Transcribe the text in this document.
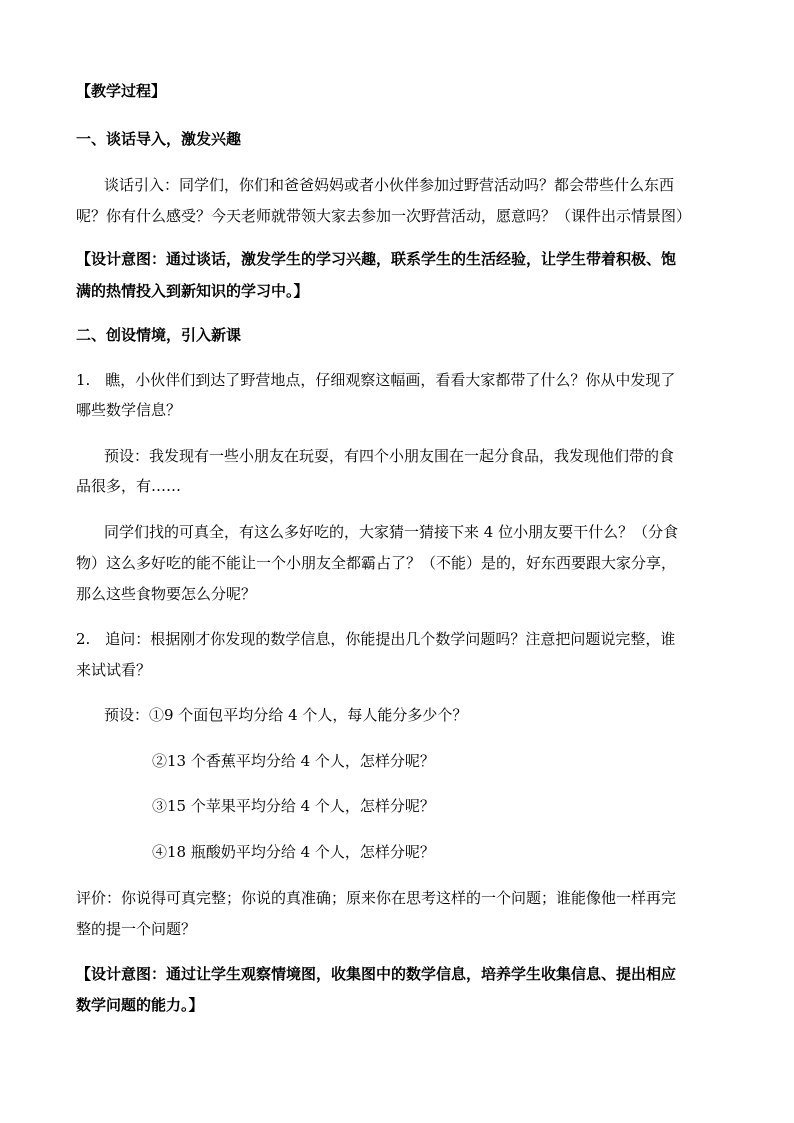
【教学过程】
一、谈话导入，激发兴趣
谈话引入：同学们，你们和爸爸妈妈或者小伙伴参加过野营活动吗？都会带些什么东西
呢？你有什么感受？今天老师就带领大家去参加一次野营活动，愿意吗？（课件出示情景图）
【设计意图：通过谈话，激发学生的学习兴趣，联系学生的生活经验，让学生带着积极、饱
满的热情投入到新知识的学习中。】
二、创设情境，引入新课
1.　瞧，小伙伴们到达了野营地点，仔细观察这幅画，看看大家都带了什么？你从中发现了
哪些数学信息？
预设：我发现有一些小朋友在玩耍，有四个小朋友围在一起分食品，我发现他们带的食
品很多，有……
同学们找的可真全，有这么多好吃的，大家猜一猜接下来 4 位小朋友要干什么？（分食
物）这么多好吃的能不能让一个小朋友全都霸占了？（不能）是的，好东西要跟大家分享，
那么这些食物要怎么分呢？
2.　追问：根据刚才你发现的数学信息，你能提出几个数学问题吗？注意把问题说完整，谁
来试试看？
预设：①9 个面包平均分给 4 个人，每人能分多少个？
②13 个香蕉平均分给 4 个人，怎样分呢？
③15 个苹果平均分给 4 个人，怎样分呢？
④18 瓶酸奶平均分给 4 个人，怎样分呢？
评价：你说得可真完整；你说的真准确；原来你在思考这样的一个问题；谁能像他一样再完
整的提一个问题？
【设计意图：通过让学生观察情境图，收集图中的数学信息，培养学生收集信息、提出相应
数学问题的能力。】
